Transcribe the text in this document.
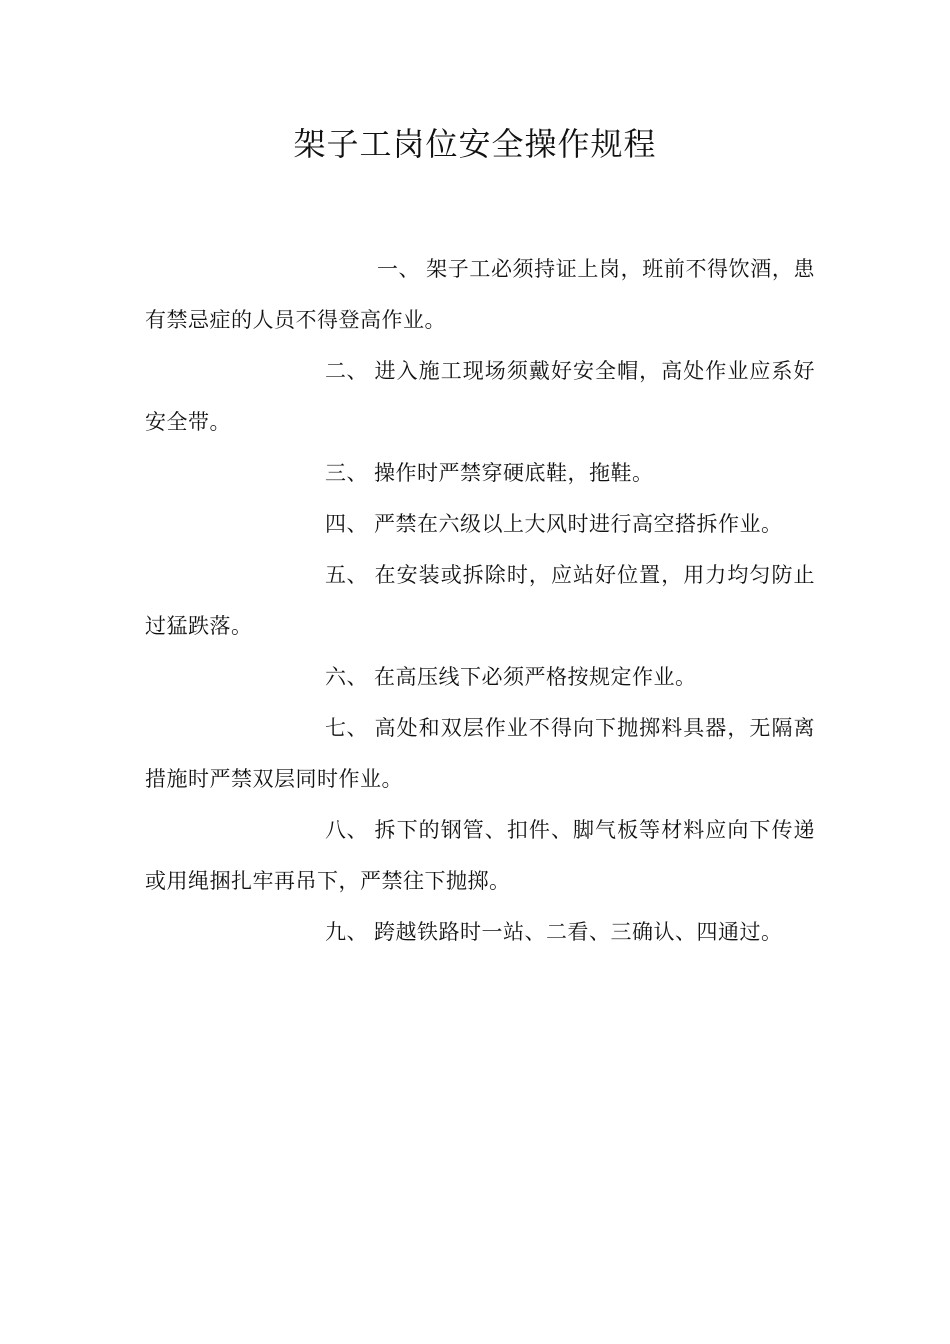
架子工岗位安全操作规程

一、 架子工必须持证上岗，班前不得饮酒，患有禁忌症的人员不得登高作业。

二、 进入施工现场须戴好安全帽，高处作业应系好安全带。

三、 操作时严禁穿硬底鞋，拖鞋。

四、 严禁在六级以上大风时进行高空搭拆作业。

五、 在安装或拆除时，应站好位置，用力均匀防止过猛跌落。

六、 在高压线下必须严格按规定作业。

七、 高处和双层作业不得向下抛掷料具器，无隔离措施时严禁双层同时作业。

八、 拆下的钢管、扣件、脚气板等材料应向下传递或用绳捆扎牢再吊下，严禁往下抛掷。

九、 跨越铁路时一站、二看、三确认、四通过。
